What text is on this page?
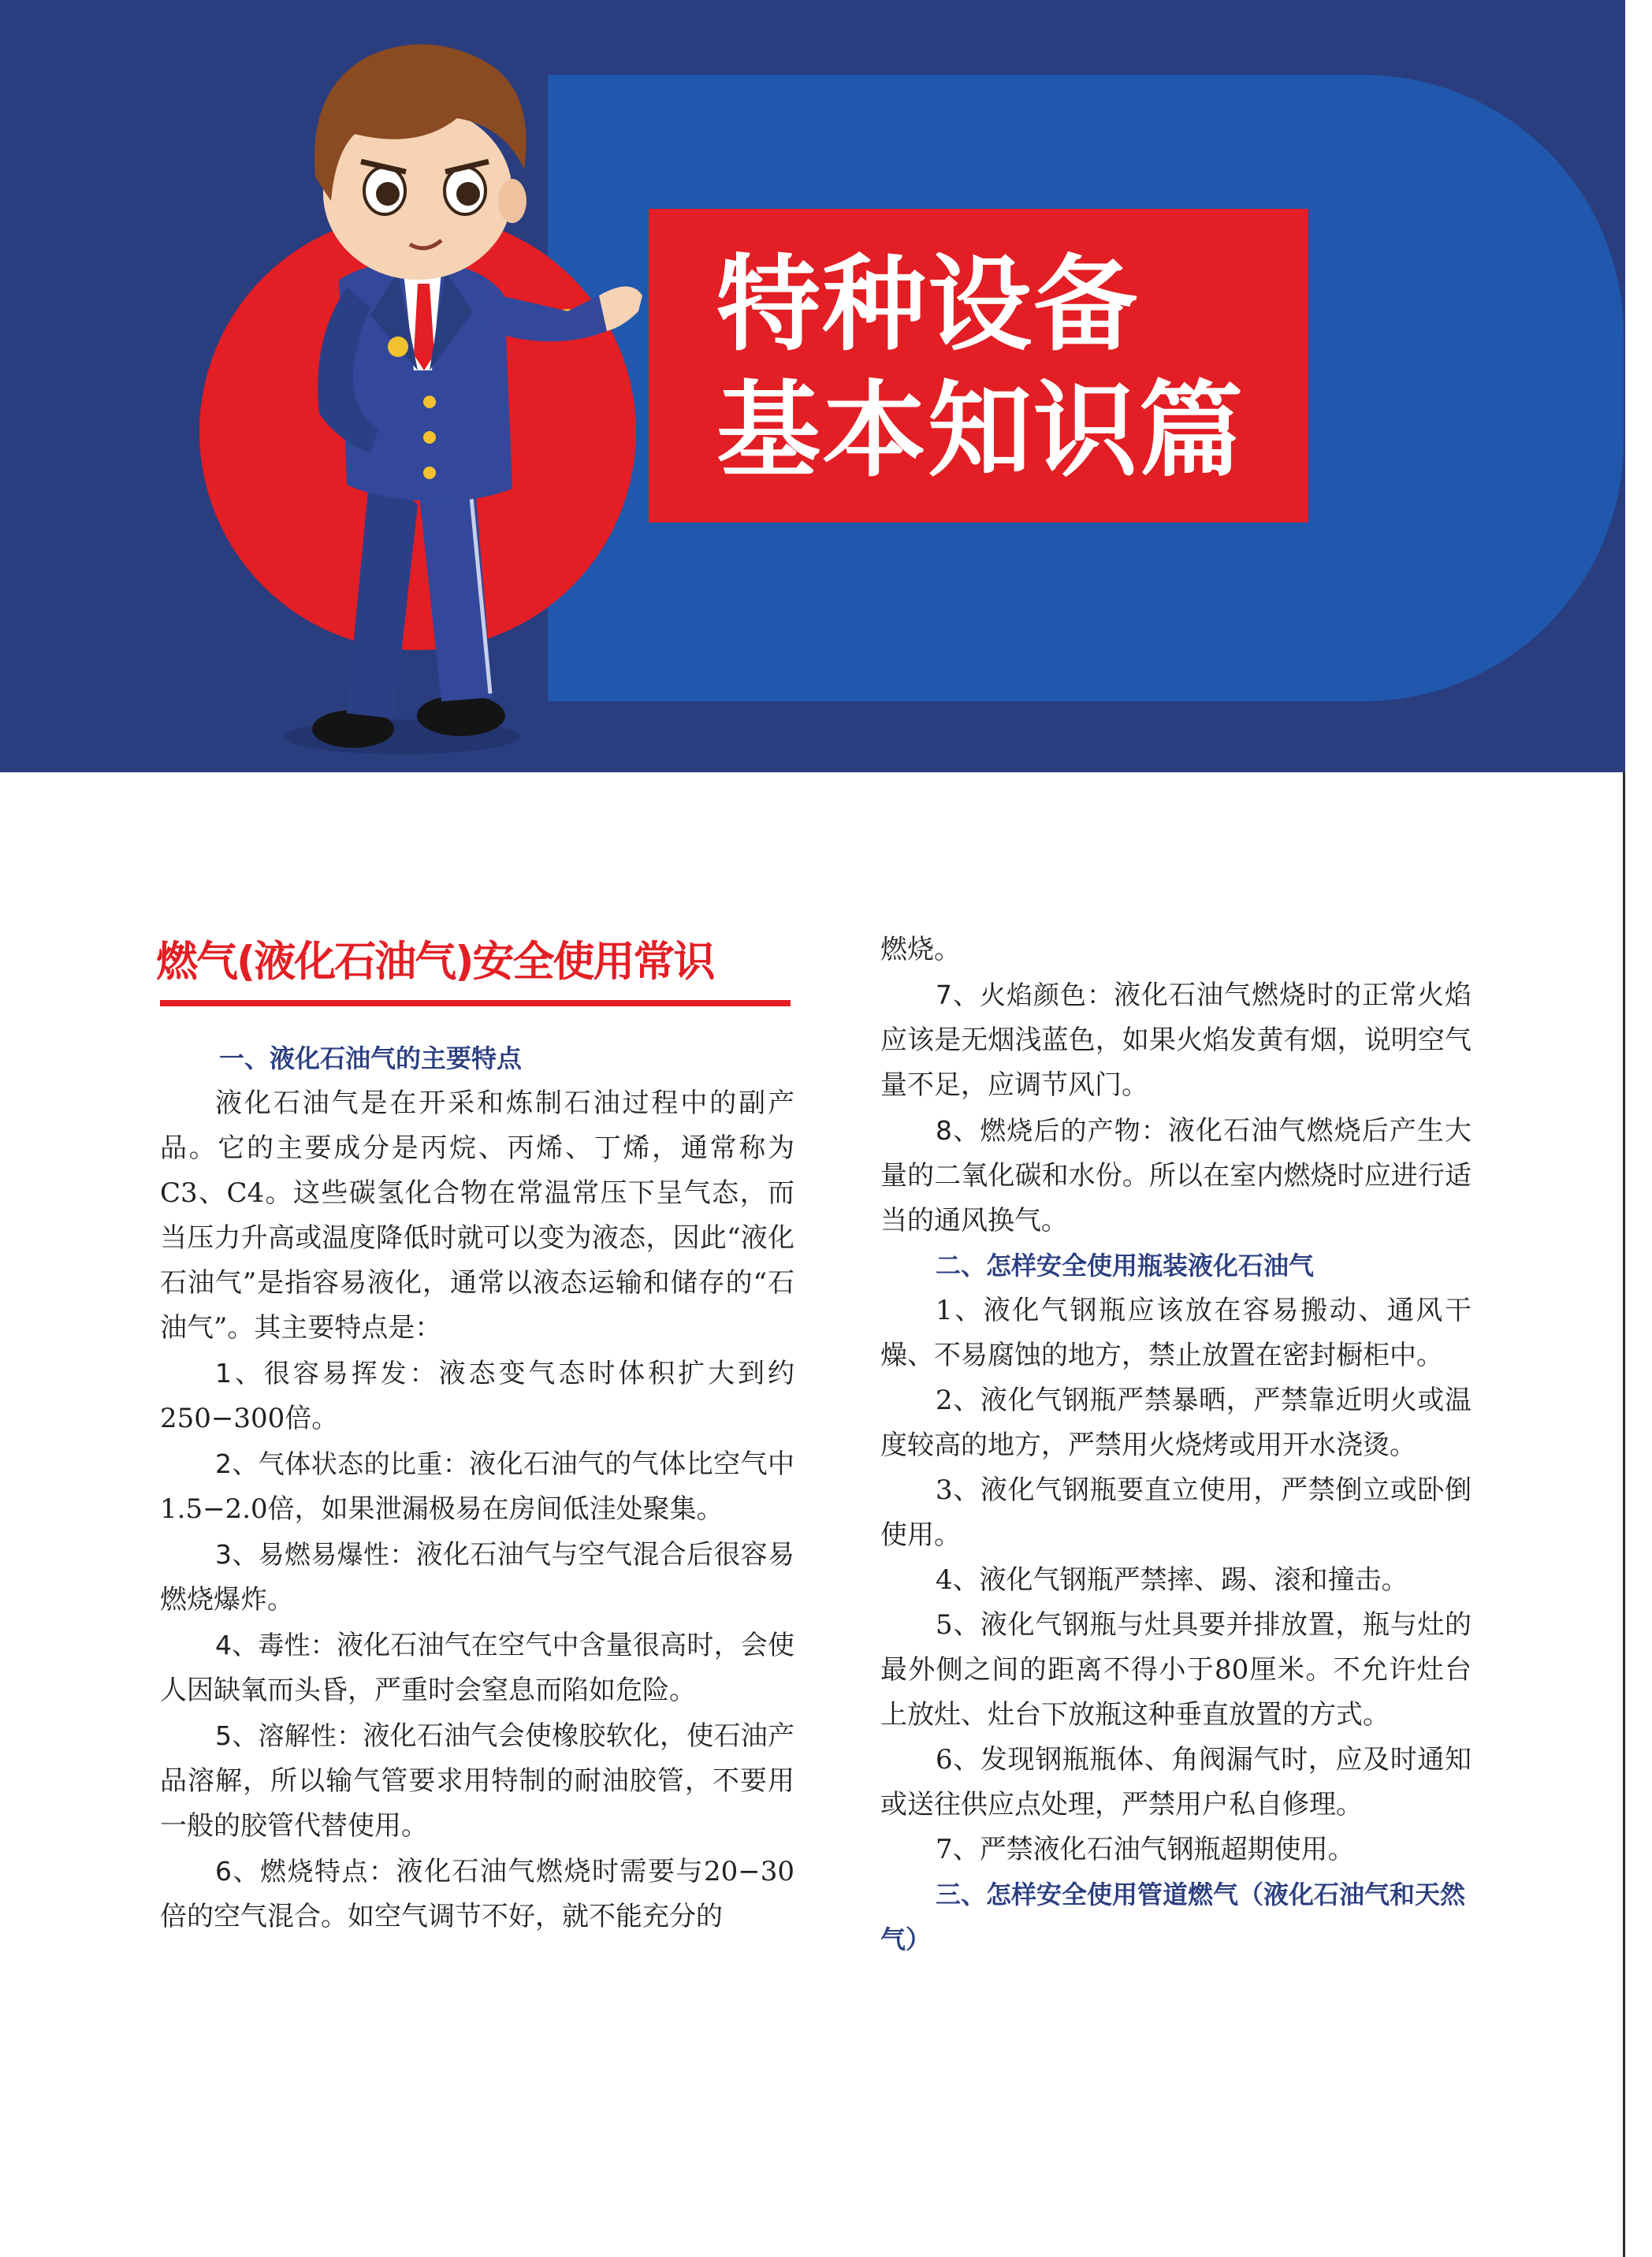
特种设备
基本知识篇
燃气(液化石油气)安全使用常识

一、液化石油气的主要特点

液化石油气是在开采和炼制石油过程中的副产品。它的主要成分是丙烷、丙烯、丁烯，通常称为C3、C4。这些碳氢化合物在常温常压下呈气态，而当压力升高或温度降低时就可以变为液态，因此“液化石油气”是指容易液化，通常以液态运输和储存的“石油气”。其主要特点是：

1、很容易挥发：液态变气态时体积扩大到约250−300倍。

2、气体状态的比重：液化石油气的气体比空气中1.5−2.0倍，如果泄漏极易在房间低洼处聚集。

3、易燃易爆性：液化石油气与空气混合后很容易燃烧爆炸。

4、毒性：液化石油气在空气中含量很高时，会使人因缺氧而头昏，严重时会窒息而陷如危险。

5、溶解性：液化石油气会使橡胶软化，使石油产品溶解，所以输气管要求用特制的耐油胶管，不要用一般的胶管代替使用。

6、燃烧特点：液化石油气燃烧时需要与20−30倍的空气混合。如空气调节不好，就不能充分的

燃烧。

7、火焰颜色：液化石油气燃烧时的正常火焰应该是无烟浅蓝色，如果火焰发黄有烟，说明空气量不足，应调节风门。

8、燃烧后的产物：液化石油气燃烧后产生大量的二氧化碳和水份。所以在室内燃烧时应进行适当的通风换气。

二、怎样安全使用瓶装液化石油气

1、液化气钢瓶应该放在容易搬动、通风干燥、不易腐蚀的地方，禁止放置在密封橱柜中。

2、液化气钢瓶严禁暴晒，严禁靠近明火或温度较高的地方，严禁用火烧烤或用开水浇烫。

3、液化气钢瓶要直立使用，严禁倒立或卧倒使用。

4、液化气钢瓶严禁摔、踢、滚和撞击。

5、液化气钢瓶与灶具要并排放置，瓶与灶的最外侧之间的距离不得小于80厘米。不允许灶台上放灶、灶台下放瓶这种垂直放置的方式。

6、发现钢瓶瓶体、角阀漏气时，应及时通知或送往供应点处理，严禁用户私自修理。

7、严禁液化石油气钢瓶超期使用。

三、怎样安全使用管道燃气（液化石油气和天然气）
